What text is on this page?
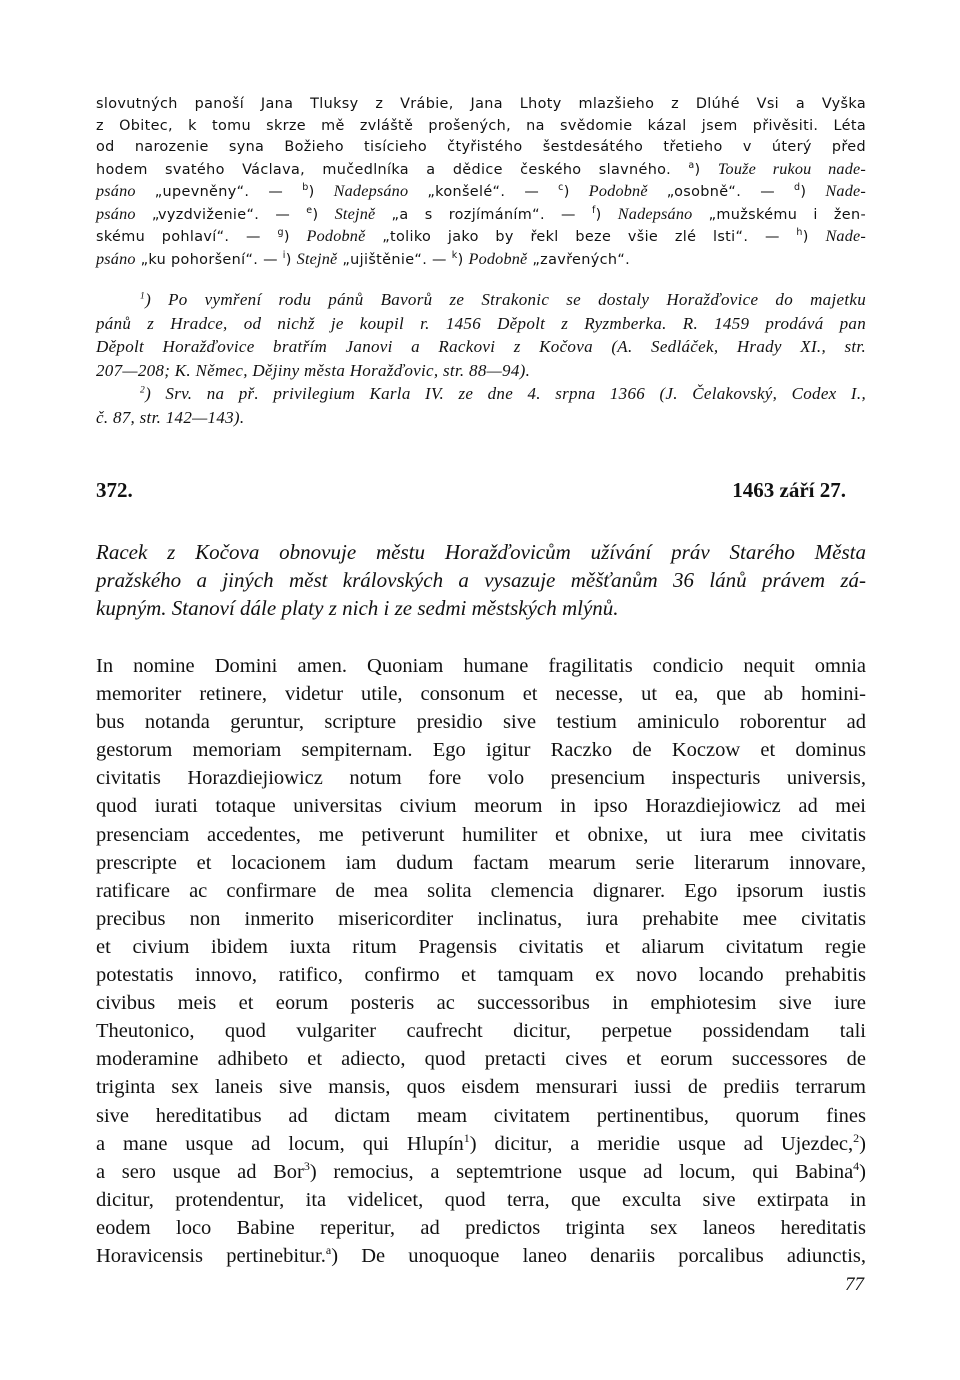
slovutných panoší Jana Tluksy z Vrábie, Jana Lhoty mlazšieho z Dlúhé Vsi a Vyška
z Obitec, k tomu skrze mě zvláště prošených, na svědomie kázal jsem přivěsiti. Léta
od narozenie syna Božieho tisícieho čtyřistého šestdesátého třetieho v úterý před
hodem svatého Václava, mučedlníka a dědice českého slavného. $^a$) Touže rukou nade-
psáno „upevněny“. — $^b$) Nadepsáno „konšelé“. — $^c$) Podobně „osobně“. — $^d$) Nade-
psáno „vyzdviženie“. — $^e$) Stejně „a s rozjímáním“. — $^f$) Nadepsáno „mužskému i žen-
skému pohlaví“. — $^g$) Podobně „toliko jako by řekl beze všie zlé lsti“. — $^h$) Nade-
psáno „ku pohoršení“. — $^i$) Stejně „ujištěnie“. — $^k$) Podobně „zavřených“.
$^1$) Po vymření rodu pánů Bavorů ze Strakonic se dostaly Horažďovice do majetku
pánů z Hradce, od nichž je koupil r. 1456 Děpolt z Ryzmberka. R. 1459 prodává pan
Děpolt Horažďovice bratřím Janovi a Rackovi z Kočova (A. Sedláček, Hrady XI., str.
207—208; K. Němec, Dějiny města Horažďovic, str. 88—94).
$^2$) Srv. na př. privilegium Karla IV. ze dne 4. srpna 1366 (J. Čelakovský, Codex I.,
č. 87, str. 142—143).
372.	1463 září 27.
Racek z Kočova obnovuje městu Horažďovicům užívání práv Starého Města
pražského a jiných měst královských a vysazuje měšťanům 36 lánů právem zá-
kupným. Stanoví dále platy z nich i ze sedmi městských mlýnů.
In nomine Domini amen. Quoniam humane fragilitatis condicio nequit omnia
memoriter retinere, videtur utile, consonum et necesse, ut ea, que ab homini-
bus notanda geruntur, scripture presidio sive testium aminiculo roborentur ad
gestorum memoriam sempiternam. Ego igitur Raczko de Koczow et dominus
civitatis Horazdiejiowicz notum fore volo presencium inspecturis universis,
quod iurati totaque universitas civium meorum in ipso Horazdiejiowicz ad mei
presenciam accedentes, me petiverunt humiliter et obnixe, ut iura mee civitatis
prescripte et locacionem iam dudum factam mearum serie literarum innovare,
ratificare ac confirmare de mea solita clemencia dignarer. Ego ipsorum iustis
precibus non inmerito misericorditer inclinatus, iura prehabite mee civitatis
et civium ibidem iuxta ritum Pragensis civitatis et aliarum civitatum regie
potestatis innovo, ratifico, confirmo et tamquam ex novo locando prehabitis
civibus meis et eorum posteris ac successoribus in emphiotesim sive iure
Theutonico, quod vulgariter caufrecht dicitur, perpetue possidendam tali
moderamine adhibeto et adiecto, quod pretacti cives et eorum successores de
triginta sex laneis sive mansis, quos eisdem mensurari iussi de prediis terrarum
sive hereditatibus ad dictam meam civitatem pertinentibus, quorum fines
a mane usque ad locum, qui Hlupín$^1$) dicitur, a meridie usque ad Ujezdec,$^2$)
a sero usque ad Bor$^3$) remocius, a septemtrione usque ad locum, qui Babina$^4$)
dicitur, protendentur, ita videlicet, quod terra, que exculta sive extirpata in
eodem loco Babine reperitur, ad predictos triginta sex laneos hereditatis
Horavicensis pertinebitur.$^a$) De unoquoque laneo denariis porcalibus adiunctis,
77
